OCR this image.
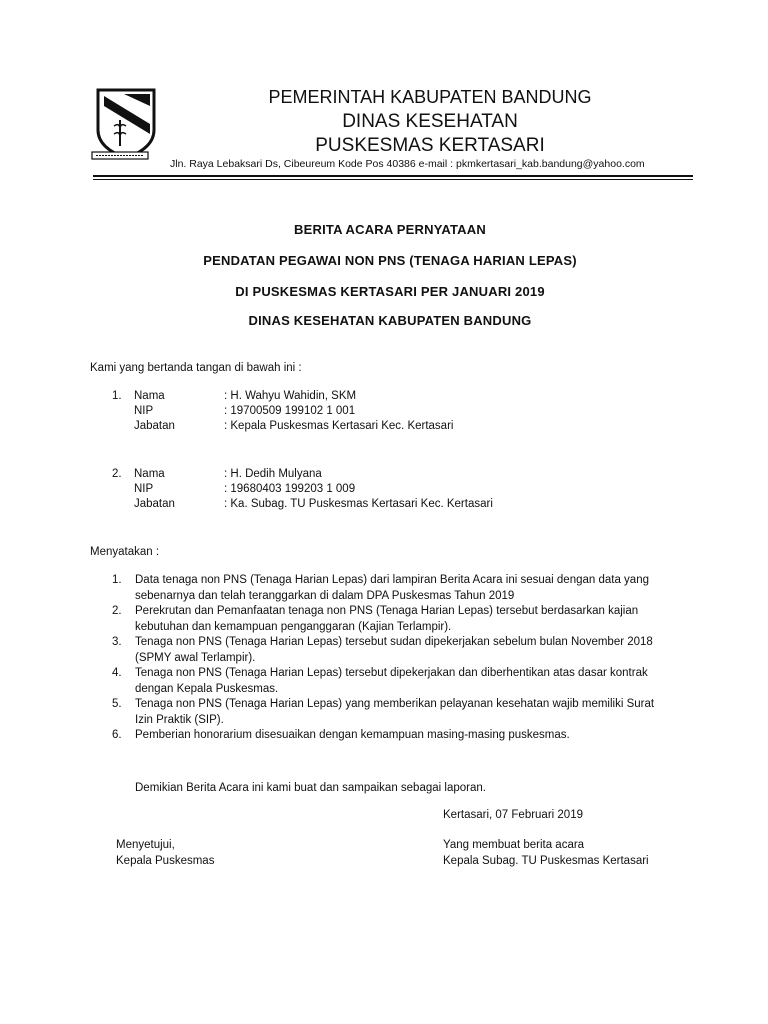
PEMERINTAH KABUPATEN BANDUNG
DINAS KESEHATAN
PUSKESMAS KERTASARI
Jln. Raya Lebaksari Ds, Cibeureum Kode Pos 40386 e-mail : pkmkertasari_kab.bandung@yahoo.com
BERITA ACARA PERNYATAAN
PENDATAN PEGAWAI NON PNS (TENAGA HARIAN LEPAS)
DI PUSKESMAS KERTASARI PER JANUARI 2019
DINAS KESEHATAN KABUPATEN BANDUNG
Kami yang bertanda tangan di bawah ini :
1. Nama	: H. Wahyu Wahidin, SKM
NIP	: 19700509 199102 1 001
Jabatan	: Kepala Puskesmas Kertasari Kec. Kertasari
2. Nama	: H. Dedih Mulyana
NIP	: 19680403 199203 1 009
Jabatan	: Ka. Subag. TU Puskesmas Kertasari Kec. Kertasari
Menyatakan :
1. Data tenaga non PNS (Tenaga Harian Lepas) dari lampiran Berita Acara ini sesuai dengan data yang
sebenarnya dan telah teranggarkan di dalam DPA Puskesmas Tahun 2019
2. Perekrutan dan Pemanfaatan tenaga non PNS (Tenaga Harian Lepas) tersebut berdasarkan kajian
kebutuhan dan kemampuan penganggaran (Kajian Terlampir).
3. Tenaga non PNS (Tenaga Harian Lepas) tersebut sudan dipekerjakan sebelum bulan November 2018
(SPMY awal Terlampir).
4. Tenaga non PNS (Tenaga Harian Lepas) tersebut dipekerjakan dan diberhentikan atas dasar kontrak
dengan Kepala Puskesmas.
5. Tenaga non PNS (Tenaga Harian Lepas) yang memberikan pelayanan kesehatan wajib memiliki Surat
Izin Praktik (SIP).
6. Pemberian honorarium disesuaikan dengan kemampuan masing-masing puskesmas.
Demikian Berita Acara ini kami buat dan sampaikan sebagai laporan.
Kertasari, 07 Februari 2019
Menyetujui,
Kepala Puskesmas
Yang membuat berita acara
Kepala Subag. TU Puskesmas Kertasari
